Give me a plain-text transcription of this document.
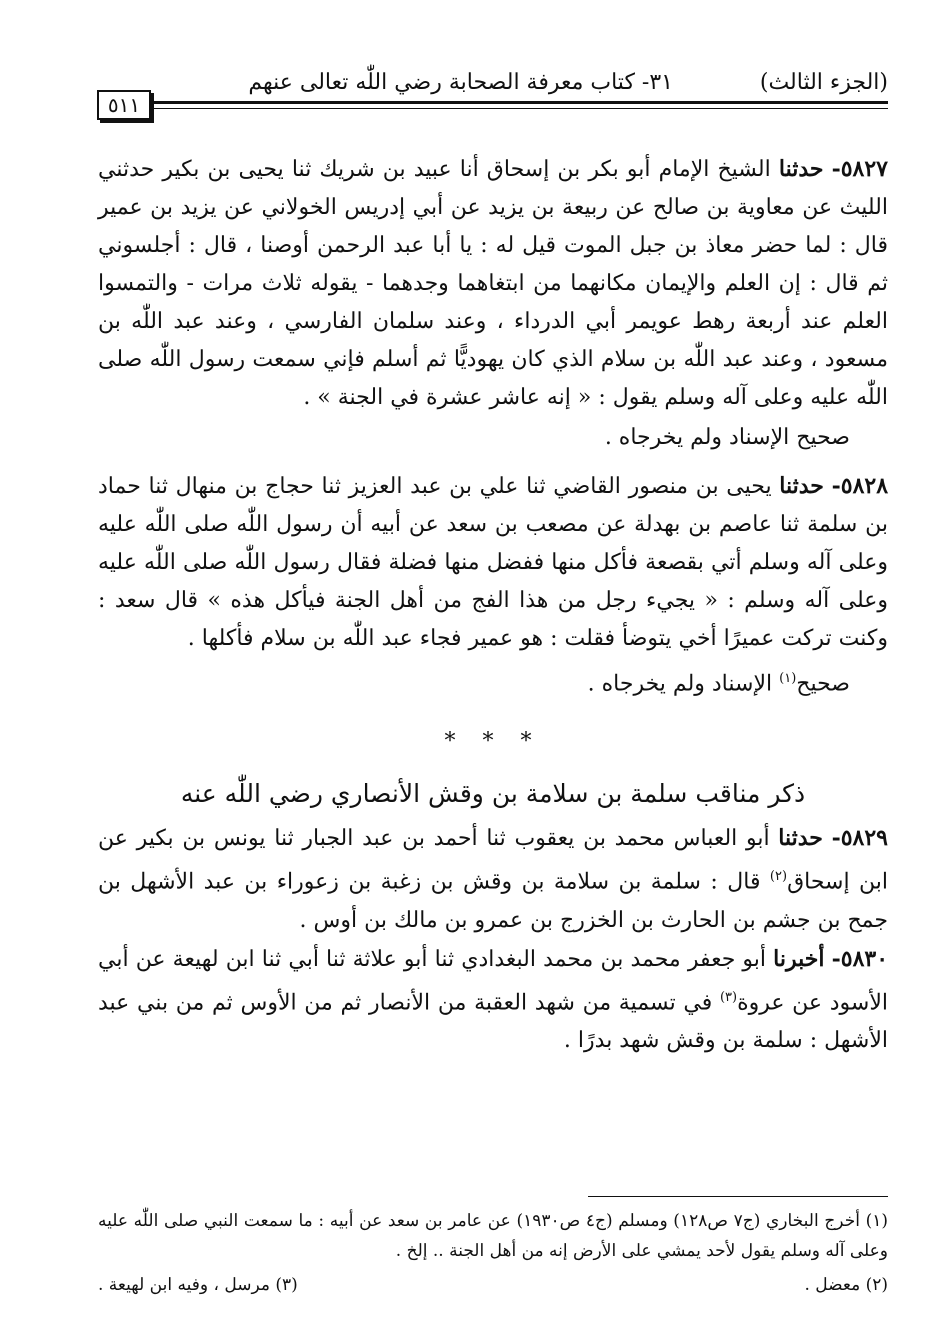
(الجزء الثالث)
٣١- كتاب معرفة الصحابة رضي اللّٰه تعالى عنهم
٥١١

٥٨٢٧- حدثنا الشيخ الإمام أبو بكر بن إسحاق أنا عبيد بن شريك ثنا يحيى بن بكير حدثني الليث عن معاوية بن صالح عن ربيعة بن يزيد عن أبي إدريس الخولاني عن يزيد بن عمير قال : لما حضر معاذ بن جبل الموت قيل له : يا أبا عبد الرحمن أوصنا ، قال : أجلسوني ثم قال : إن العلم والإيمان مكانهما من ابتغاهما وجدهما - يقوله ثلاث مرات - والتمسوا العلم عند أربعة رهط عويمر أبي الدرداء ، وعند سلمان الفارسي ، وعند عبد اللّٰه بن مسعود ، وعند عبد اللّٰه بن سلام الذي كان يهوديًّا ثم أسلم فإني سمعت رسول اللّٰه صلى اللّٰه عليه وعلى آله وسلم يقول : « إنه عاشر عشرة في الجنة » .

صحيح الإسناد ولم يخرجاه .

٥٨٢٨- حدثنا يحيى بن منصور القاضي ثنا علي بن عبد العزيز ثنا حجاج بن منهال ثنا حماد بن سلمة ثنا عاصم بن بهدلة عن مصعب بن سعد عن أبيه أن رسول اللّٰه صلى اللّٰه عليه وعلى آله وسلم أتي بقصعة فأكل منها ففضل منها فضلة فقال رسول اللّٰه صلى اللّٰه عليه وعلى آله وسلم : « يجيء رجل من هذا الفج من أهل الجنة فيأكل هذه » قال سعد : وكنت تركت عميرًا أخي يتوضأ فقلت : هو عمير فجاء عبد اللّٰه بن سلام فأكلها .

صحيح$^{(١)}$ الإسناد ولم يخرجاه .

* * *
ذكر مناقب سلمة بن سلامة بن وقش الأنصاري رضي اللّٰه عنه

٥٨٢٩- حدثنا أبو العباس محمد بن يعقوب ثنا أحمد بن عبد الجبار ثنا يونس بن بكير عن ابن إسحاق$^{(٢)}$ قال : سلمة بن سلامة بن وقش بن زغبة بن زعوراء بن عبد الأشهل بن جمح بن جشم بن الحارث بن الخزرج بن عمرو بن مالك بن أوس .

٥٨٣٠- أخبرنا أبو جعفر محمد بن محمد البغدادي ثنا أبو علاثة ثنا أبي ثنا ابن لهيعة عن أبي الأسود عن عروة$^{(٣)}$ في تسمية من شهد العقبة من الأنصار ثم من الأوس ثم من بني عبد الأشهل : سلمة بن وقش شهد بدرًا .

(١) أخرج البخاري (ج٧ ص١٢٨) ومسلم (ج٤ ص١٩٣٠) عن عامر بن سعد عن أبيه : ما سمعت النبي صلى اللّٰه عليه وعلى آله وسلم يقول لأحد يمشي على الأرض إنه من أهل الجنة .. إلخ .
(٢) معضل .
(٣) مرسل ، وفيه ابن لهيعة .
